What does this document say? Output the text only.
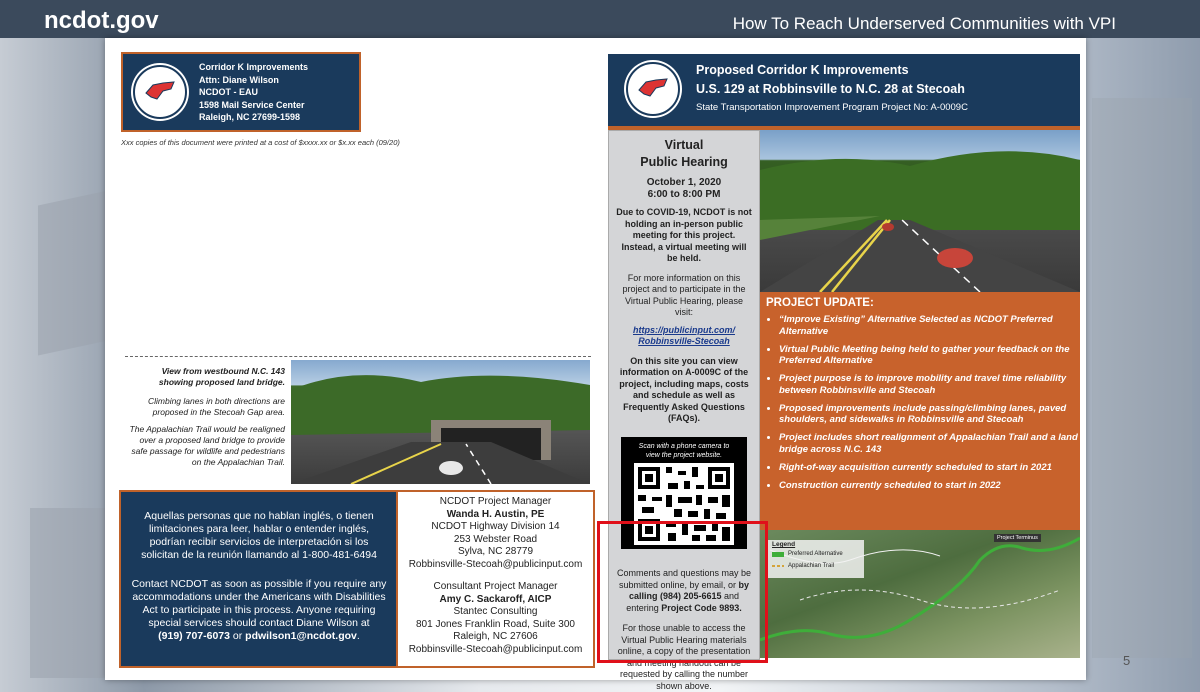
ncdot.gov	How To Reach Underserved Communities with VPI
Corridor K Improvements
Attn: Diane Wilson
NCDOT - EAU
1598 Mail Service Center
Raleigh, NC 27699-1598
Xxx copies of this document were printed at a cost of $xxxx.xx or $x.xx each (09/20)
View from westbound N.C. 143 showing proposed land bridge.
Climbing lanes in both directions are proposed in the Stecoah Gap area.
The Appalachian Trail would be realigned over a proposed land bridge to provide safe passage for wildlife and pedestrians on the Appalachian Trail.
Aquellas personas que no hablan inglés, o tienen limitaciones para leer, hablar o entender inglés, podrían recibir servicios de interpretación si los solicitan de la reunión llamando al 1-800-481-6494
Contact NCDOT as soon as possible if you require any accommodations under the Americans with Disabilities Act to participate in this process. Anyone requiring special services should contact Diane Wilson at
(919) 707-6073 or pdwilson1@ncdot.gov.
NCDOT Project Manager
Wanda H. Austin, PE
NCDOT Highway Division 14
253 Webster Road
Sylva, NC 28779
Robbinsville-Stecoah@publicinput.com
Consultant Project Manager
Amy C. Sackaroff, AICP
Stantec Consulting
801 Jones Franklin Road, Suite 300
Raleigh, NC 27606
Robbinsville-Stecoah@publicinput.com
Proposed Corridor K Improvements
U.S. 129 at Robbinsville to N.C. 28 at Stecoah
State Transportation Improvement Program Project No: A-0009C
Virtual
Public Hearing
October 1, 2020
6:00 to 8:00 PM
Due to COVID-19, NCDOT is not holding an in-person public meeting for this project. Instead, a virtual meeting will be held.
For more information on this project and to participate in the Virtual Public Hearing, please visit:
https://publicinput.com/
Robbinsville-Stecoah
On this site you can view information on A-0009C of the project, including maps, costs and schedule as well as Frequently Asked Questions (FAQs).
Scan with a phone camera to view the project website.
Comments and questions may be submitted online, by email, or by calling (984) 205-6615 and entering Project Code 9893.
For those unable to access the Virtual Public Hearing materials online, a copy of the presentation and meeting handout can be requested by calling the number shown above.
PROJECT UPDATE:
• “Improve Existing” Alternative Selected as NCDOT Preferred Alternative
• Virtual Public Meeting being held to gather your feedback on the Preferred Alternative
• Project purpose is to improve mobility and travel time reliability between Robbinsville and Stecoah
• Proposed improvements include passing/climbing lanes, paved shoulders, and sidewalks in Robbinsville and Stecoah
• Project includes short realignment of Appalachian Trail and a land bridge across N.C. 143
• Right-of-way acquisition currently scheduled to start in 2021
• Construction currently scheduled to start in 2022
Legend
Preferred Alternative
Appalachian Trail
Project Terminus
5
